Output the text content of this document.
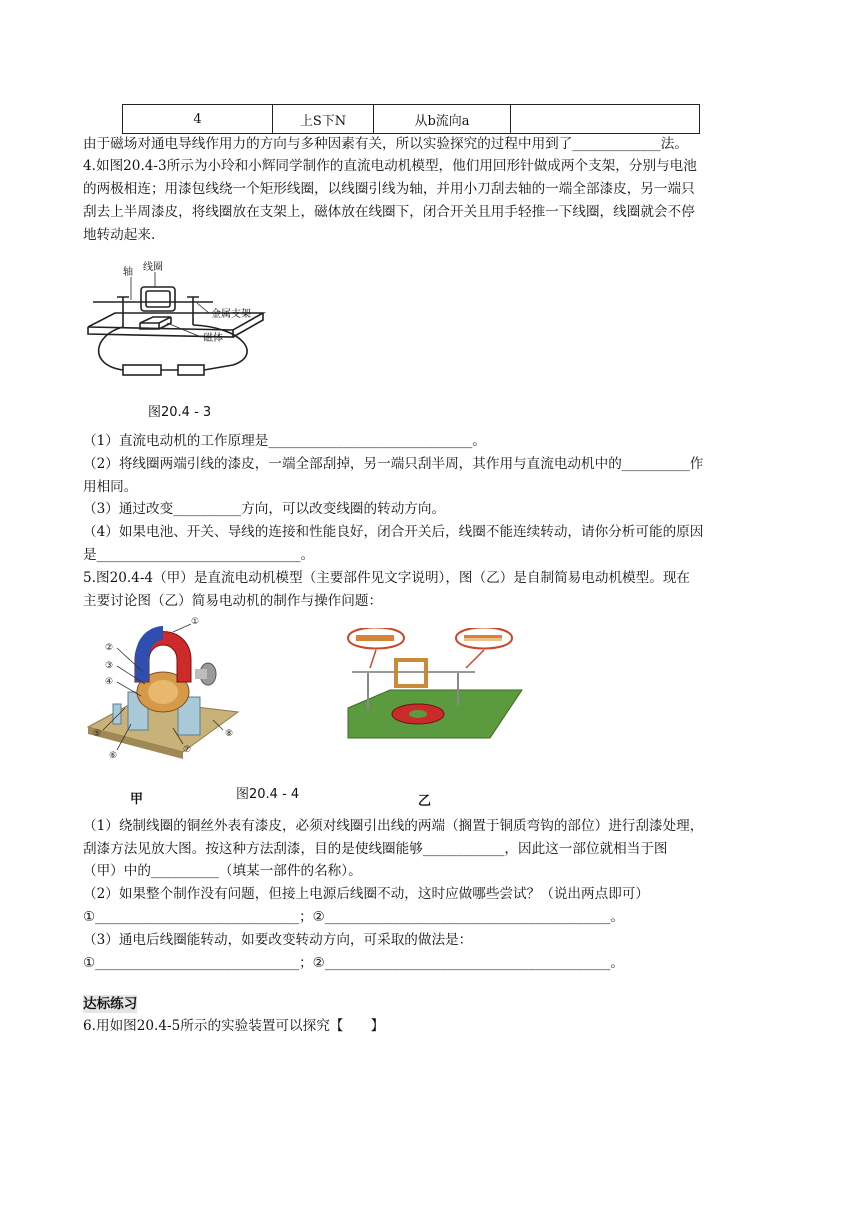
4	上S下N	从b流向a	
由于磁场对通电导线作用力的方向与多种因素有关，所以实验探究的过程中用到了_____________法。
4.如图20.4-3所示为小玲和小辉同学制作的直流电动机模型，他们用回形针做成两个支架，分别与电池
的两极相连；用漆包线绕一个矩形线圈，以线圈引线为轴，并用小刀刮去轴的一端全部漆皮，另一端只
刮去上半周漆皮，将线圈放在支架上，磁体放在线圈下，闭合开关且用手轻推一下线圈，线圈就会不停
地转动起来.
轴 线圈
金属支架
磁体
图20.4 - 3
（1）直流电动机的工作原理是______________________________。
（2）将线圈两端引线的漆皮，一端全部刮掉，另一端只刮半周，其作用与直流电动机中的__________作
用相同。
（3）通过改变__________方向，可以改变线圈的转动方向。
（4）如果电池、开关、导线的连接和性能良好，闭合开关后，线圈不能连续转动，请你分析可能的原因
是______________________________。
5.图20.4-4（甲）是直流电动机模型（主要部件见文字说明），图（乙）是自制简易电动机模型。现在
主要讨论图（乙）简易电动机的制作与操作问题：
①
②
③
④
⑤
⑥
⑦
⑧
图20.4 - 4
甲	乙
（1）绕制线圈的铜丝外表有漆皮，必须对线圈引出线的两端（搁置于铜质弯钩的部位）进行刮漆处理，
刮漆方法见放大图。按这种方法刮漆，目的是使线圈能够____________，因此这一部位就相当于图
（甲）中的__________（填某一部件的名称）。
（2）如果整个制作没有问题，但接上电源后线圈不动，这时应做哪些尝试？（说出两点即可）
①______________________________；②__________________________________________。
（3）通电后线圈能转动，如要改变转动方向，可采取的做法是：
①______________________________；②__________________________________________。
达标练习
6.用如图20.4-5所示的实验装置可以探究【　　】
